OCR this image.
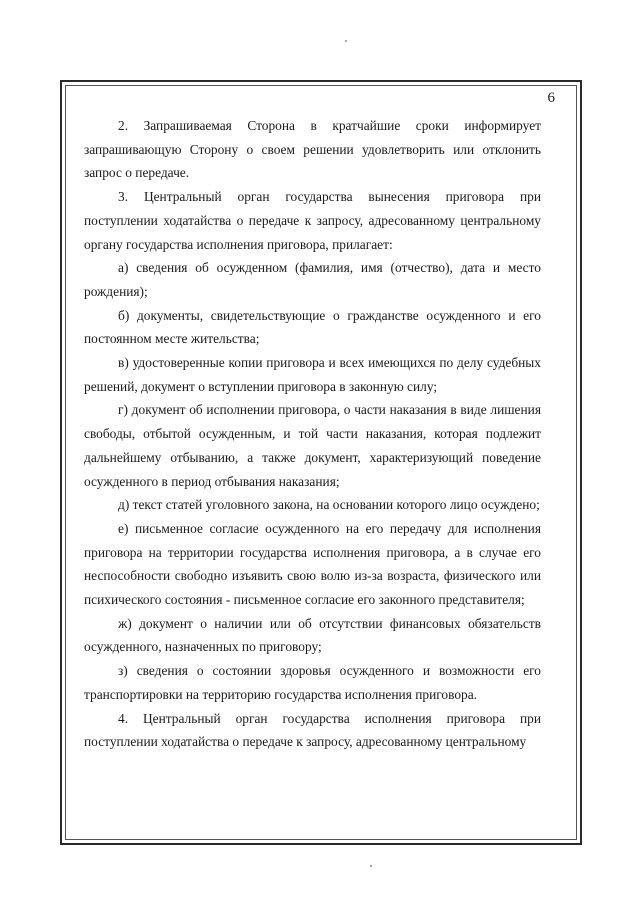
6

2. Запрашиваемая Сторона в кратчайшие сроки информирует запрашивающую Сторону о своем решении удовлетворить или отклонить запрос о передаче.

3. Центральный орган государства вынесения приговора при поступлении ходатайства о передаче к запросу, адресованному центральному органу государства исполнения приговора, прилагает:

а) сведения об осужденном (фамилия, имя (отчество), дата и место рождения);

б) документы, свидетельствующие о гражданстве осужденного и его постоянном месте жительства;

в) удостоверенные копии приговора и всех имеющихся по делу судебных решений, документ о вступлении приговора в законную силу;

г) документ об исполнении приговора, о части наказания в виде лишения свободы, отбытой осужденным, и той части наказания, которая подлежит дальнейшему отбыванию, а также документ, характеризующий поведение осужденного в период отбывания наказания;

д) текст статей уголовного закона, на основании которого лицо осуждено;

е) письменное согласие осужденного на его передачу для исполнения приговора на территории государства исполнения приговора, а в случае его неспособности свободно изъявить свою волю из-за возраста, физического или психического состояния - письменное согласие его законного представителя;

ж) документ о наличии или об отсутствии финансовых обязательств осужденного, назначенных по приговору;

з) сведения о состоянии здоровья осужденного и возможности его транспортировки на территорию государства исполнения приговора.

4. Центральный орган государства исполнения приговора при поступлении ходатайства о передаче к запросу, адресованному центральному
